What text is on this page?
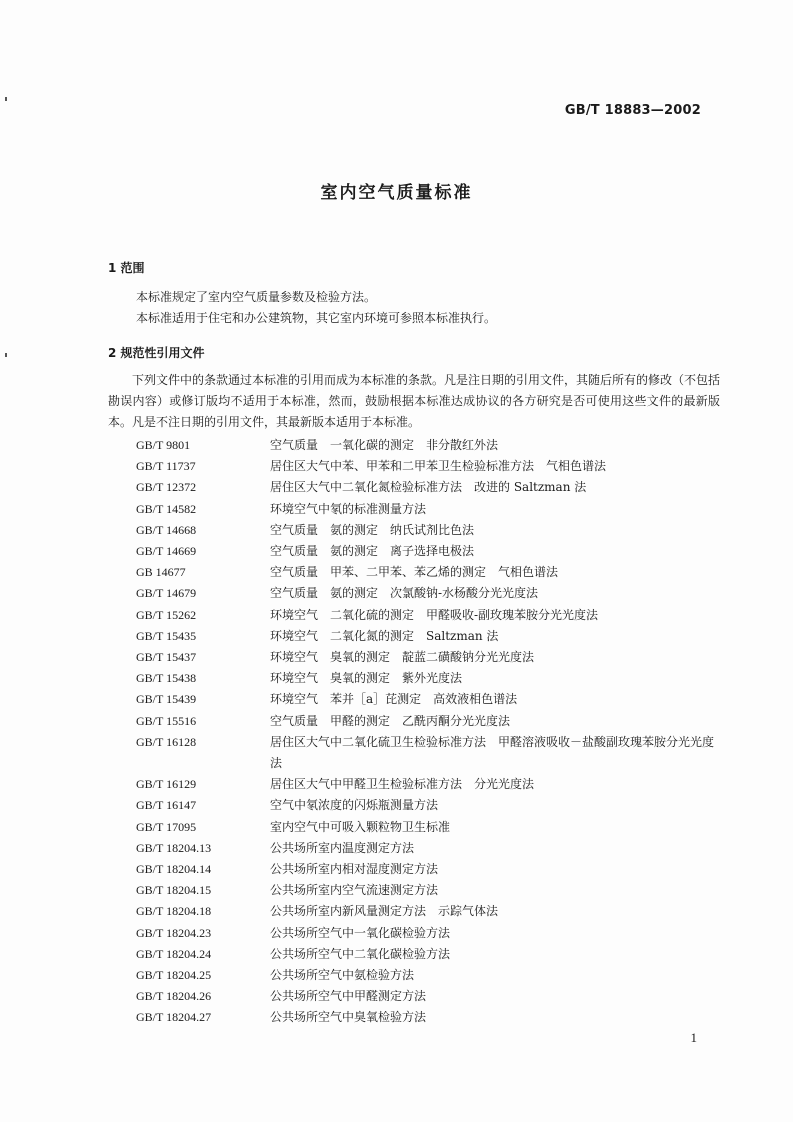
GB/T 18883—2002
室内空气质量标准
1 范围
本标准规定了室内空气质量参数及检验方法。
本标准适用于住宅和办公建筑物，其它室内环境可参照本标准执行。
2 规范性引用文件
　　下列文件中的条款通过本标准的引用而成为本标准的条款。凡是注日期的引用文件，其随后所有的修改（不包括勘误内容）或修订版均不适用于本标准，然而，鼓励根据本标准达成协议的各方研究是否可使用这些文件的最新版本。凡是不注日期的引用文件，其最新版本适用于本标准。
GB/T 9801	空气质量　一氧化碳的测定　非分散红外法
GB/T 11737	居住区大气中苯、甲苯和二甲苯卫生检验标准方法　气相色谱法
GB/T 12372	居住区大气中二氧化氮检验标准方法　改进的 Saltzman 法
GB/T 14582	环境空气中氡的标准测量方法
GB/T 14668	空气质量　氨的测定　纳氏试剂比色法
GB/T 14669	空气质量　氨的测定　离子选择电极法
GB 14677	空气质量　甲苯、二甲苯、苯乙烯的测定　气相色谱法
GB/T 14679	空气质量　氨的测定　次氯酸钠-水杨酸分光光度法
GB/T 15262	环境空气　二氧化硫的测定　甲醛吸收-副玫瑰苯胺分光光度法
GB/T 15435	环境空气　二氧化氮的测定　Saltzman 法
GB/T 15437	环境空气　臭氧的测定　靛蓝二磺酸钠分光光度法
GB/T 15438	环境空气　臭氧的测定　紫外光度法
GB/T 15439	环境空气　苯并［a］芘测定　高效液相色谱法
GB/T 15516	空气质量　甲醛的测定　乙酰丙酮分光光度法
GB/T 16128	居住区大气中二氧化硫卫生检验标准方法　甲醛溶液吸收－盐酸副玫瑰苯胺分光光度法
GB/T 16129	居住区大气中甲醛卫生检验标准方法　分光光度法
GB/T 16147	空气中氡浓度的闪烁瓶测量方法
GB/T 17095	室内空气中可吸入颗粒物卫生标准
GB/T 18204.13	公共场所室内温度测定方法
GB/T 18204.14	公共场所室内相对湿度测定方法
GB/T 18204.15	公共场所室内空气流速测定方法
GB/T 18204.18	公共场所室内新风量测定方法　示踪气体法
GB/T 18204.23	公共场所空气中一氧化碳检验方法
GB/T 18204.24	公共场所空气中二氧化碳检验方法
GB/T 18204.25	公共场所空气中氨检验方法
GB/T 18204.26	公共场所空气中甲醛测定方法
GB/T 18204.27	公共场所空气中臭氧检验方法
1
